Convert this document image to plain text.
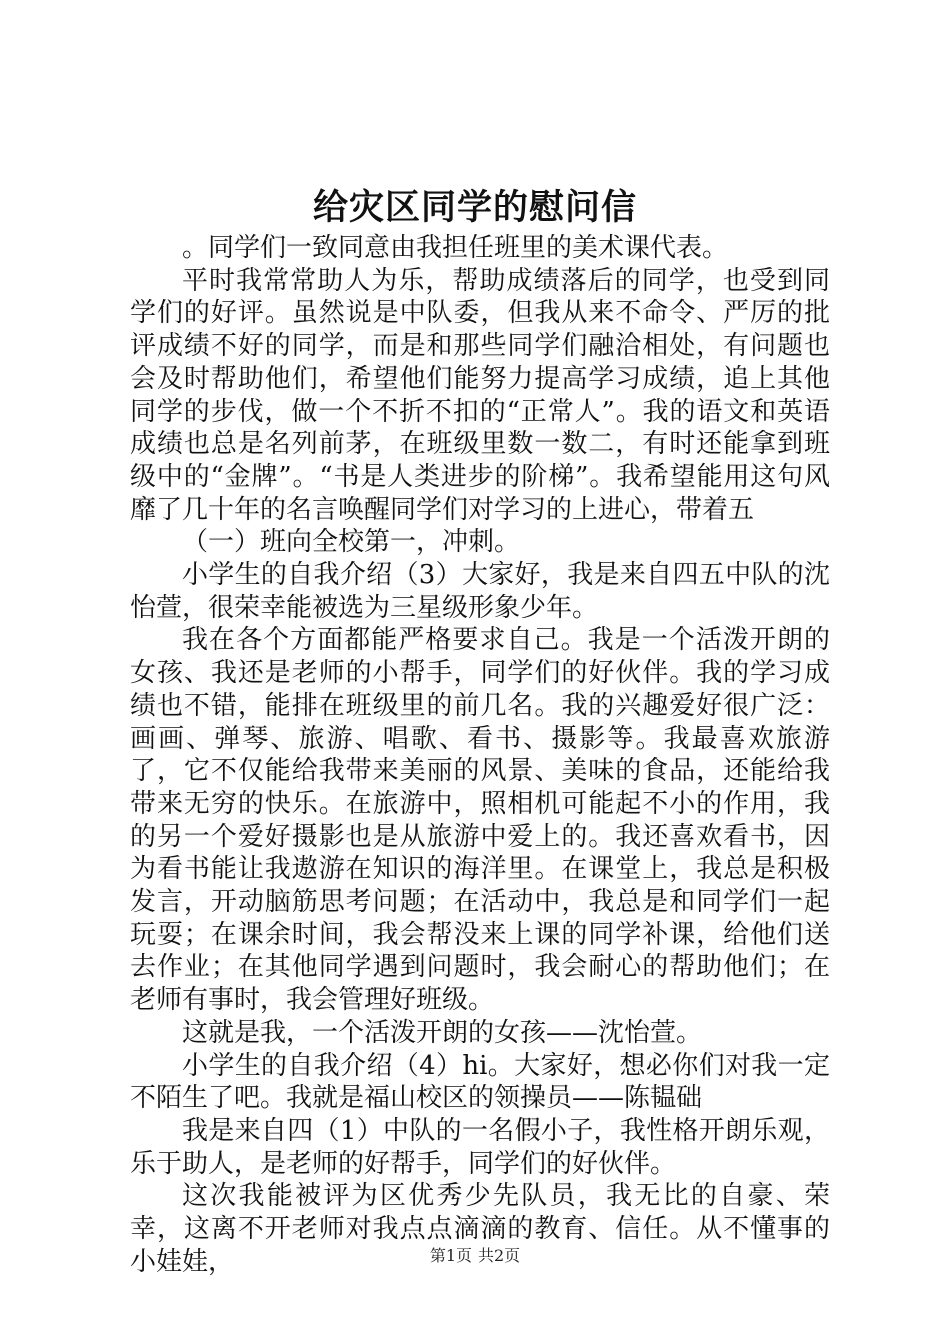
给灾区同学的慰问信

。同学们一致同意由我担任班里的美术课代表。

平时我常常助人为乐，帮助成绩落后的同学，也受到同学们的好评。虽然说是中队委，但我从来不命令、严厉的批评成绩不好的同学，而是和那些同学们融洽相处，有问题也会及时帮助他们，希望他们能努力提高学习成绩，追上其他同学的步伐，做一个不折不扣的“正常人”。我的语文和英语成绩也总是名列前茅，在班级里数一数二，有时还能拿到班级中的“金牌”。“书是人类进步的阶梯”。我希望能用这句风靡了几十年的名言唤醒同学们对学习的上进心，带着五

（一）班向全校第一，冲刺。

小学生的自我介绍（3）大家好，我是来自四五中队的沈怡萱，很荣幸能被选为三星级形象少年。

我在各个方面都能严格要求自己。我是一个活泼开朗的女孩、我还是老师的小帮手，同学们的好伙伴。我的学习成绩也不错，能排在班级里的前几名。我的兴趣爱好很广泛：画画、弹琴、旅游、唱歌、看书、摄影等。我最喜欢旅游了，它不仅能给我带来美丽的风景、美味的食品，还能给我带来无穷的快乐。在旅游中，照相机可能起不小的作用，我的另一个爱好摄影也是从旅游中爱上的。我还喜欢看书，因为看书能让我遨游在知识的海洋里。在课堂上，我总是积极发言，开动脑筋思考问题；在活动中，我总是和同学们一起玩耍；在课余时间，我会帮没来上课的同学补课，给他们送去作业；在其他同学遇到问题时，我会耐心的帮助他们；在老师有事时，我会管理好班级。

这就是我，一个活泼开朗的女孩——沈怡萱。

小学生的自我介绍（4）hi。大家好，想必你们对我一定不陌生了吧。我就是福山校区的领操员——陈韫础

我是来自四（1）中队的一名假小子，我性格开朗乐观，乐于助人，是老师的好帮手，同学们的好伙伴。

这次我能被评为区优秀少先队员，我无比的自豪、荣幸，这离不开老师对我点点滴滴的教育、信任。从不懂事的小娃娃，	第1页 共2页
